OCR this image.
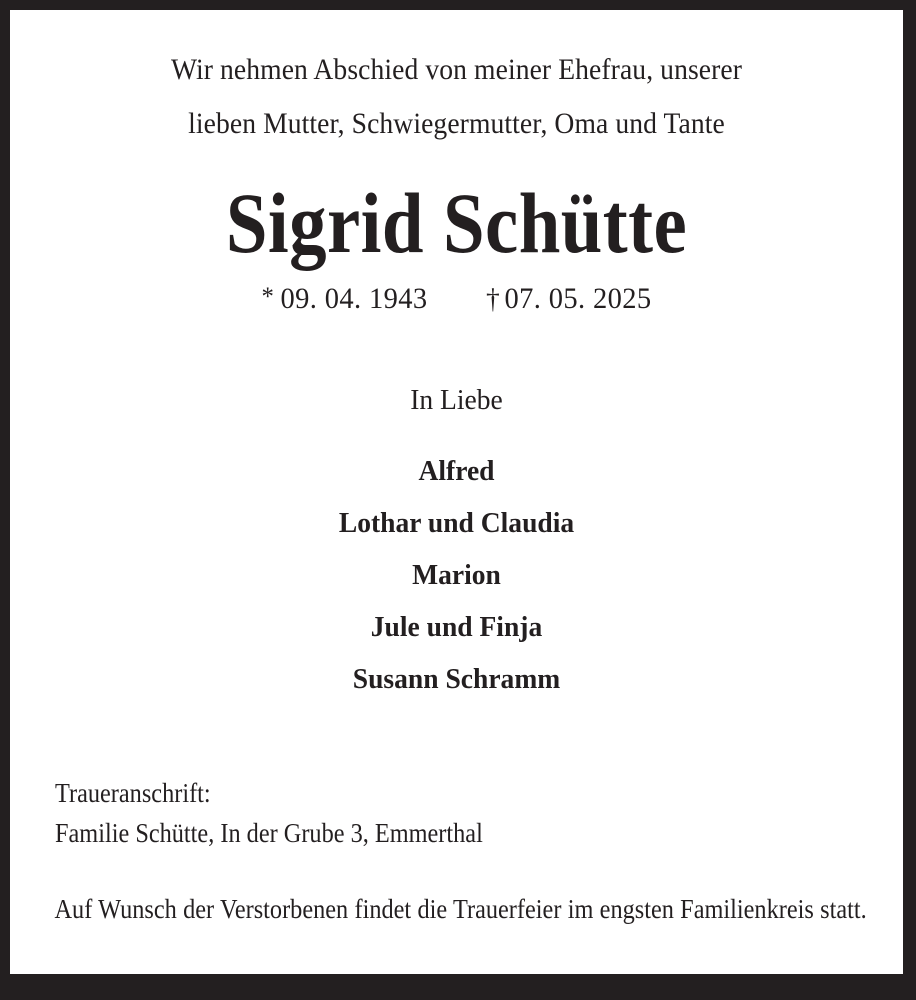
Wir nehmen Abschied von meiner Ehefrau, unserer
lieben Mutter, Schwiegermutter, Oma und Tante
Sigrid Schütte
* 09. 04. 1943 † 07. 05. 2025

In Liebe

Alfred
Lothar und Claudia
Marion
Jule und Finja
Susann Schramm

Traueranschrift:

Familie Schütte, In der Grube 3, Emmerthal

Auf Wunsch der Verstorbenen findet die Trauerfeier im engsten Familienkreis statt.
